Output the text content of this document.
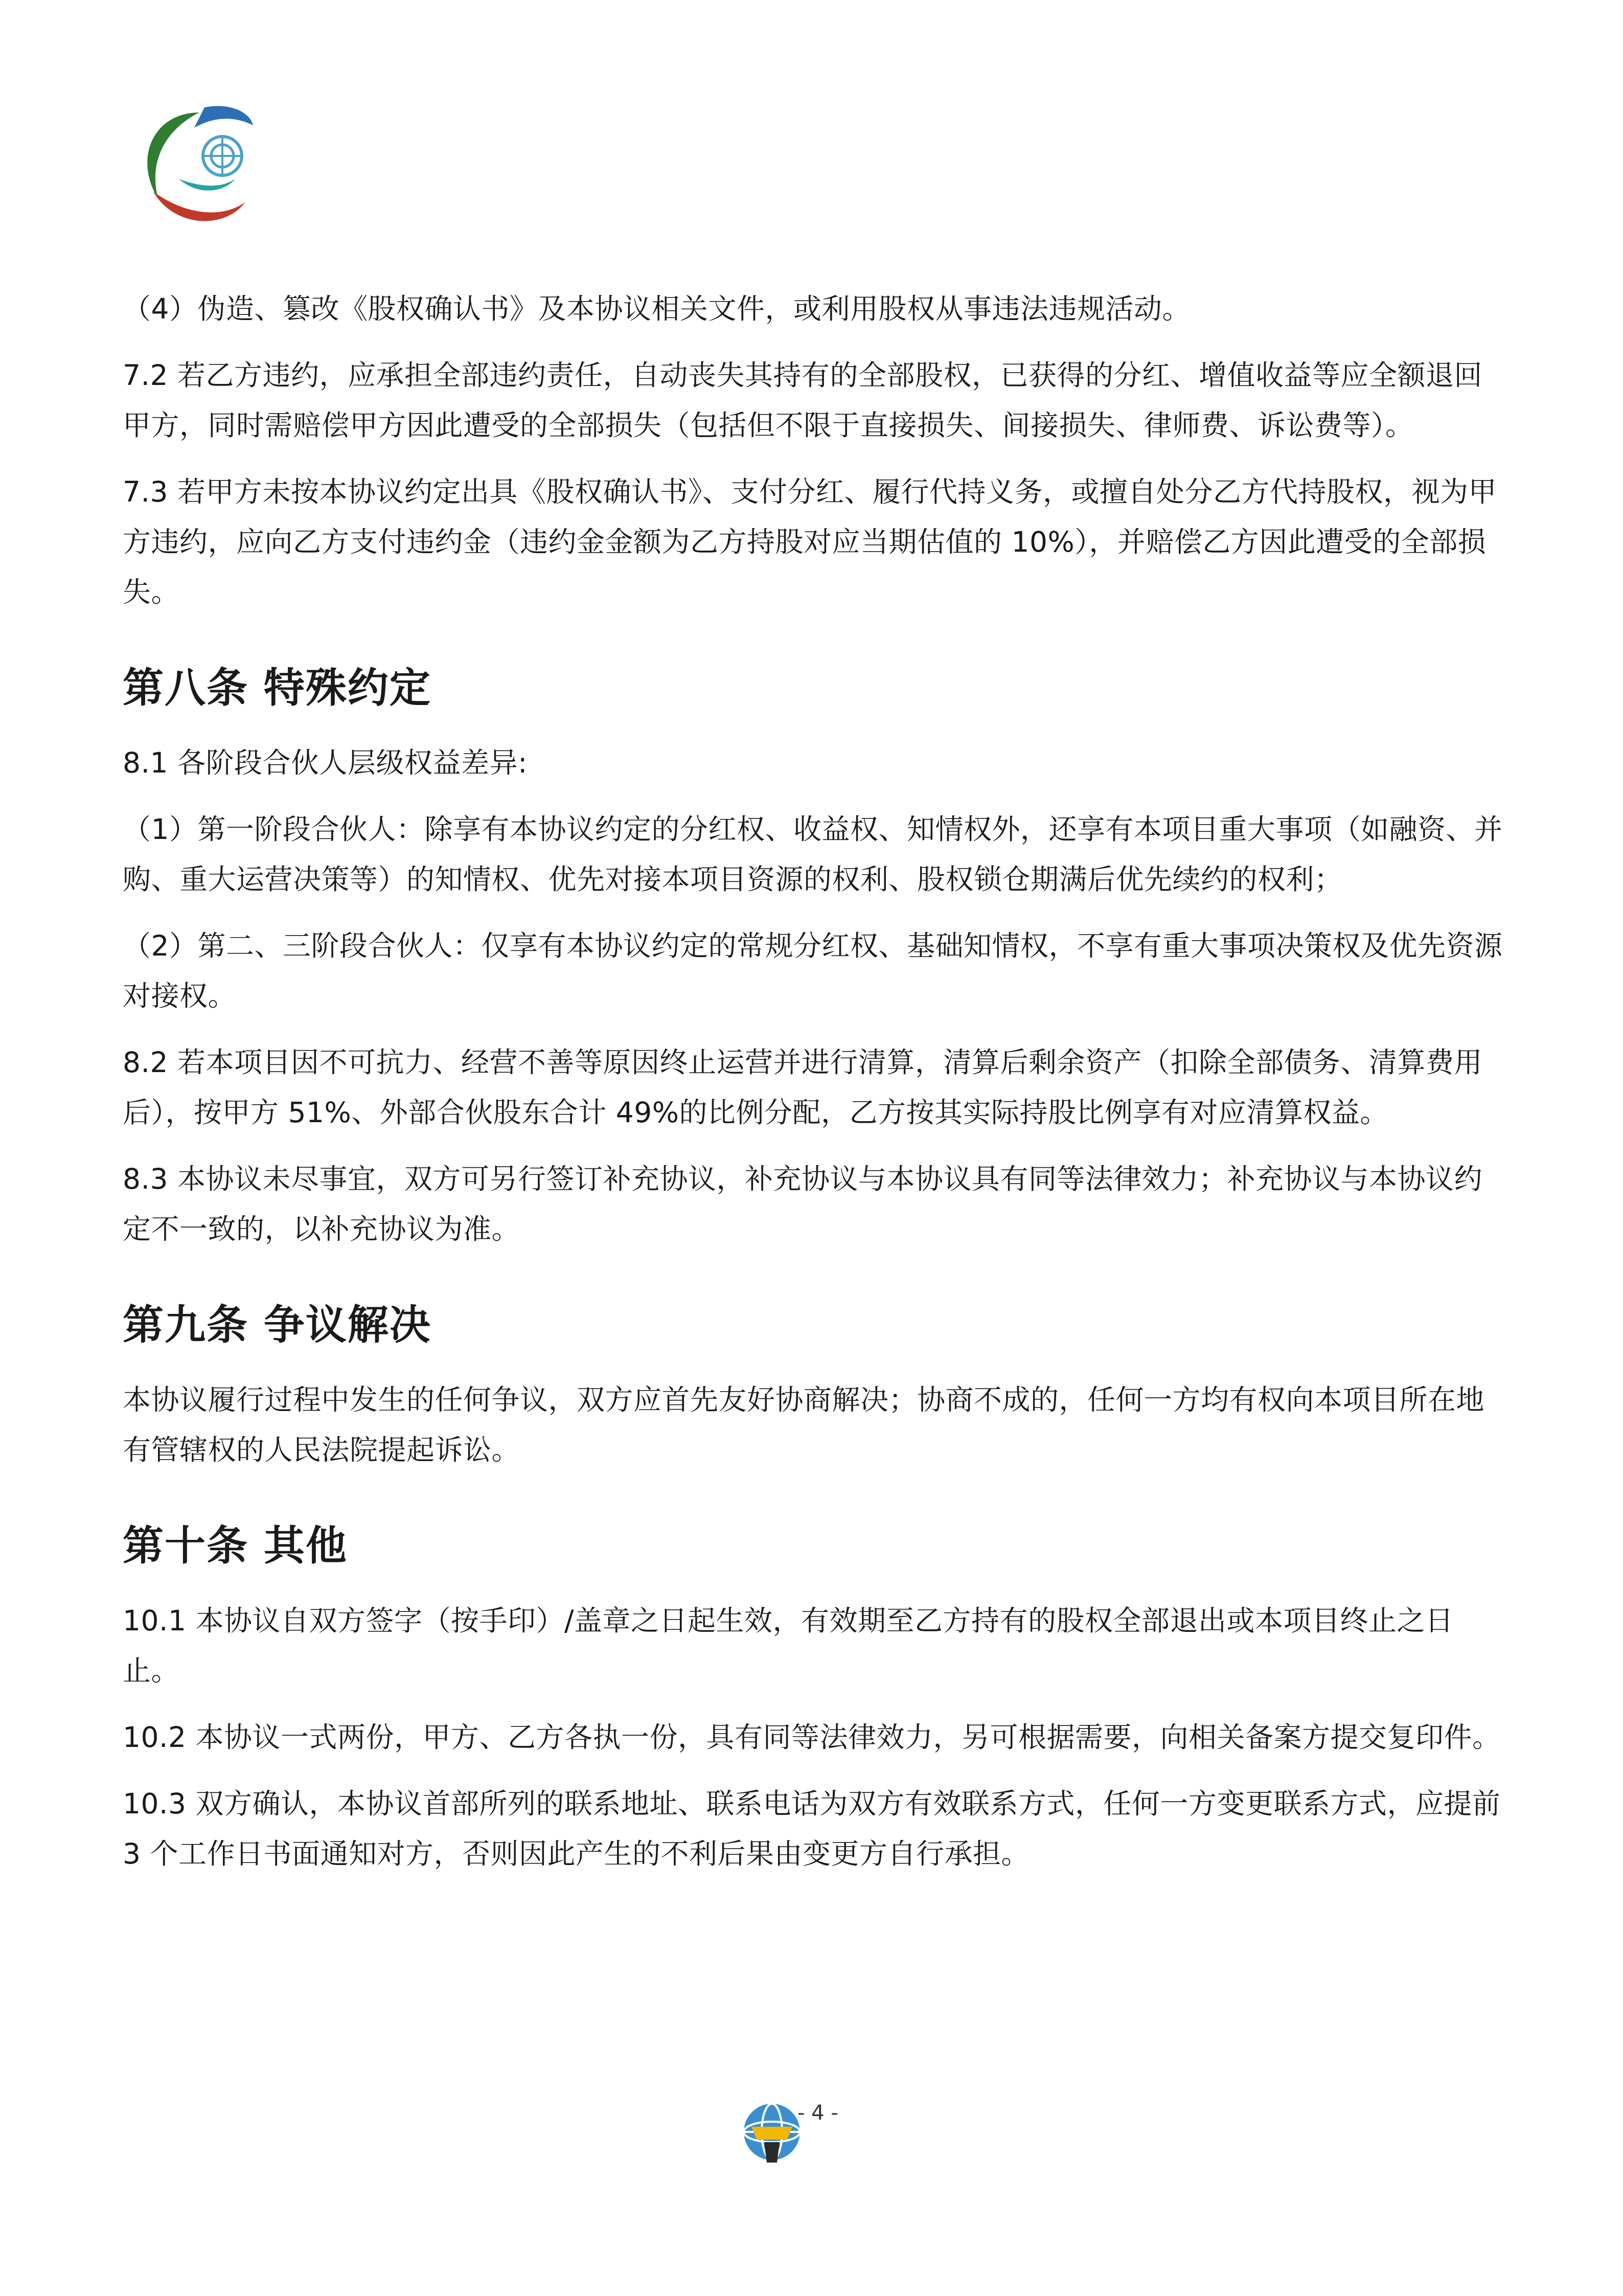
（4）伪造、篡改《股权确认书》及本协议相关文件，或利用股权从事违法违规活动。

7.2 若乙方违约，应承担全部违约责任，自动丧失其持有的全部股权，已获得的分红、增值收益等应全额退回甲方，同时需赔偿甲方因此遭受的全部损失（包括但不限于直接损失、间接损失、律师费、诉讼费等）。

7.3 若甲方未按本协议约定出具《股权确认书》、支付分红、履行代持义务，或擅自处分乙方代持股权，视为甲方违约，应向乙方支付违约金（违约金金额为乙方持股对应当期估值的 10%），并赔偿乙方因此遭受的全部损失。

第八条 特殊约定

8.1 各阶段合伙人层级权益差异:

（1）第一阶段合伙人：除享有本协议约定的分红权、收益权、知情权外，还享有本项目重大事项（如融资、并购、重大运营决策等）的知情权、优先对接本项目资源的权利、股权锁仓期满后优先续约的权利；

（2）第二、三阶段合伙人：仅享有本协议约定的常规分红权、基础知情权，不享有重大事项决策权及优先资源对接权。

8.2 若本项目因不可抗力、经营不善等原因终止运营并进行清算，清算后剩余资产（扣除全部债务、清算费用后），按甲方 51%、外部合伙股东合计 49%的比例分配，乙方按其实际持股比例享有对应清算权益。

8.3 本协议未尽事宜，双方可另行签订补充协议，补充协议与本协议具有同等法律效力；补充协议与本协议约定不一致的，以补充协议为准。

第九条 争议解决

本协议履行过程中发生的任何争议，双方应首先友好协商解决；协商不成的，任何一方均有权向本项目所在地有管辖权的人民法院提起诉讼。

第十条 其他

10.1 本协议自双方签字（按手印）/盖章之日起生效，有效期至乙方持有的股权全部退出或本项目终止之日止。

10.2 本协议一式两份，甲方、乙方各执一份，具有同等法律效力，另可根据需要，向相关备案方提交复印件。

10.3 双方确认，本协议首部所列的联系地址、联系电话为双方有效联系方式，任何一方变更联系方式，应提前 3 个工作日书面通知对方，否则因此产生的不利后果由变更方自行承担。

- 4 -
